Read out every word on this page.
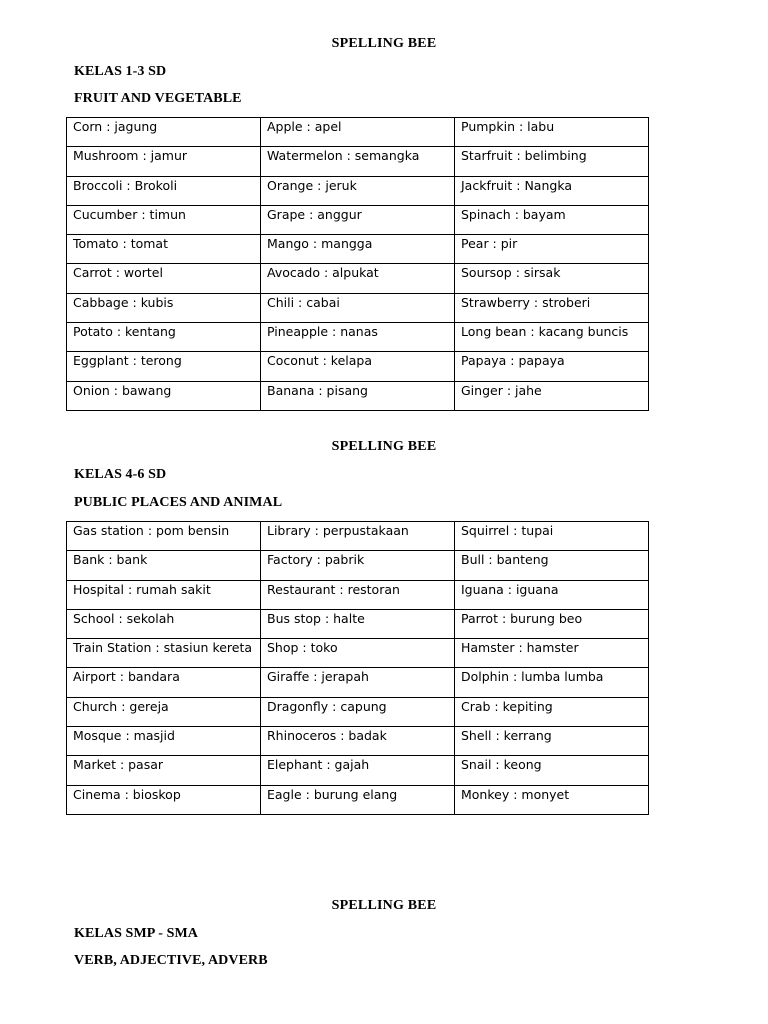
SPELLING BEE
KELAS 1-3 SD
FRUIT AND VEGETABLE
Corn : jagung	Apple : apel	Pumpkin : labu
Mushroom : jamur	Watermelon : semangka	Starfruit : belimbing
Broccoli : Brokoli	Orange : jeruk	Jackfruit : Nangka
Cucumber : timun	Grape : anggur	Spinach : bayam
Tomato : tomat	Mango : mangga	Pear : pir
Carrot : wortel	Avocado : alpukat	Soursop : sirsak
Cabbage : kubis	Chili : cabai	Strawberry : stroberi
Potato : kentang	Pineapple : nanas	Long bean : kacang buncis
Eggplant : terong	Coconut : kelapa	Papaya : papaya
Onion : bawang	Banana : pisang	Ginger : jahe
SPELLING BEE
KELAS 4-6 SD
PUBLIC PLACES AND ANIMAL
Gas station : pom bensin	Library : perpustakaan	Squirrel : tupai
Bank : bank	Factory : pabrik	Bull : banteng
Hospital : rumah sakit	Restaurant : restoran	Iguana : iguana
School : sekolah	Bus stop : halte	Parrot : burung beo
Train Station : stasiun kereta	Shop : toko	Hamster : hamster
Airport : bandara	Giraffe : jerapah	Dolphin : lumba lumba
Church : gereja	Dragonfly : capung	Crab : kepiting
Mosque : masjid	Rhinoceros : badak	Shell : kerrang
Market : pasar	Elephant : gajah	Snail : keong
Cinema : bioskop	Eagle : burung elang	Monkey : monyet
SPELLING BEE
KELAS SMP - SMA
VERB, ADJECTIVE, ADVERB
